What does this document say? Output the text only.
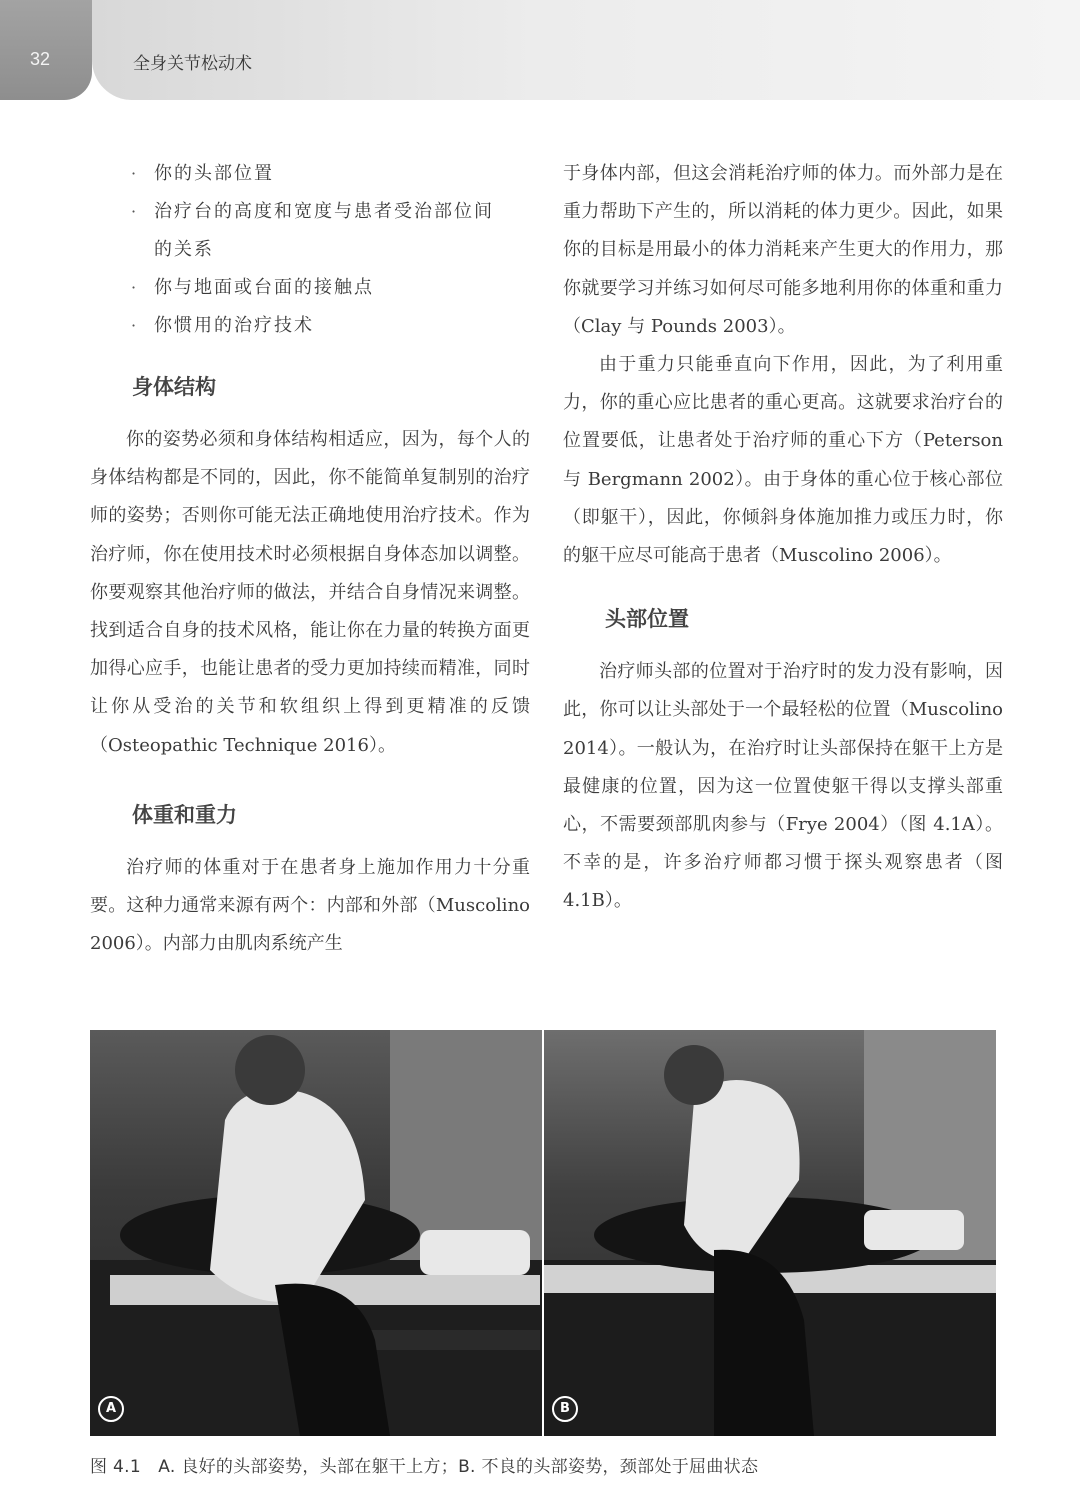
32	全身关节松动术
· 你的头部位置
· 治疗台的高度和宽度与患者受治部位间
的关系
· 你与地面或台面的接触点
· 你惯用的治疗技术
身体结构

你的姿势必须和身体结构相适应，因为，每个人的身体结构都是不同的，因此，你不能简单复制别的治疗师的姿势；否则你可能无法正确地使用治疗技术。作为治疗师，你在使用技术时必须根据自身体态加以调整。你要观察其他治疗师的做法，并结合自身情况来调整。找到适合自身的技术风格，能让你在力量的转换方面更加得心应手，也能让患者的受力更加持续而精准，同时让你从受治的关节和软组织上得到更精准的反馈（Osteopathic Technique 2016）。

体重和重力

治疗师的体重对于在患者身上施加作用力十分重要。这种力通常来源有两个：内部和外部（Muscolino 2006）。内部力由肌肉系统产生

于身体内部，但这会消耗治疗师的体力。而外部力是在重力帮助下产生的，所以消耗的体力更少。因此，如果你的目标是用最小的体力消耗来产生更大的作用力，那你就要学习并练习如何尽可能多地利用你的体重和重力（Clay 与 Pounds 2003）。

由于重力只能垂直向下作用，因此，为了利用重力，你的重心应比患者的重心更高。这就要求治疗台的位置要低，让患者处于治疗师的重心下方（Peterson 与 Bergmann 2002）。由于身体的重心位于核心部位（即躯干），因此，你倾斜身体施加推力或压力时，你的躯干应尽可能高于患者（Muscolino 2006）。

头部位置

治疗师头部的位置对于治疗时的发力没有影响，因此，你可以让头部处于一个最轻松的位置（Muscolino 2014）。一般认为，在治疗时让头部保持在躯干上方是最健康的位置，因为这一位置使躯干得以支撑头部重心，不需要颈部肌肉参与（Frye 2004）（图 4.1A）。不幸的是，许多治疗师都习惯于探头观察患者（图 4.1B）。

A	B
图 4.1　A. 良好的头部姿势，头部在躯干上方；B. 不良的头部姿势，颈部处于屈曲状态
